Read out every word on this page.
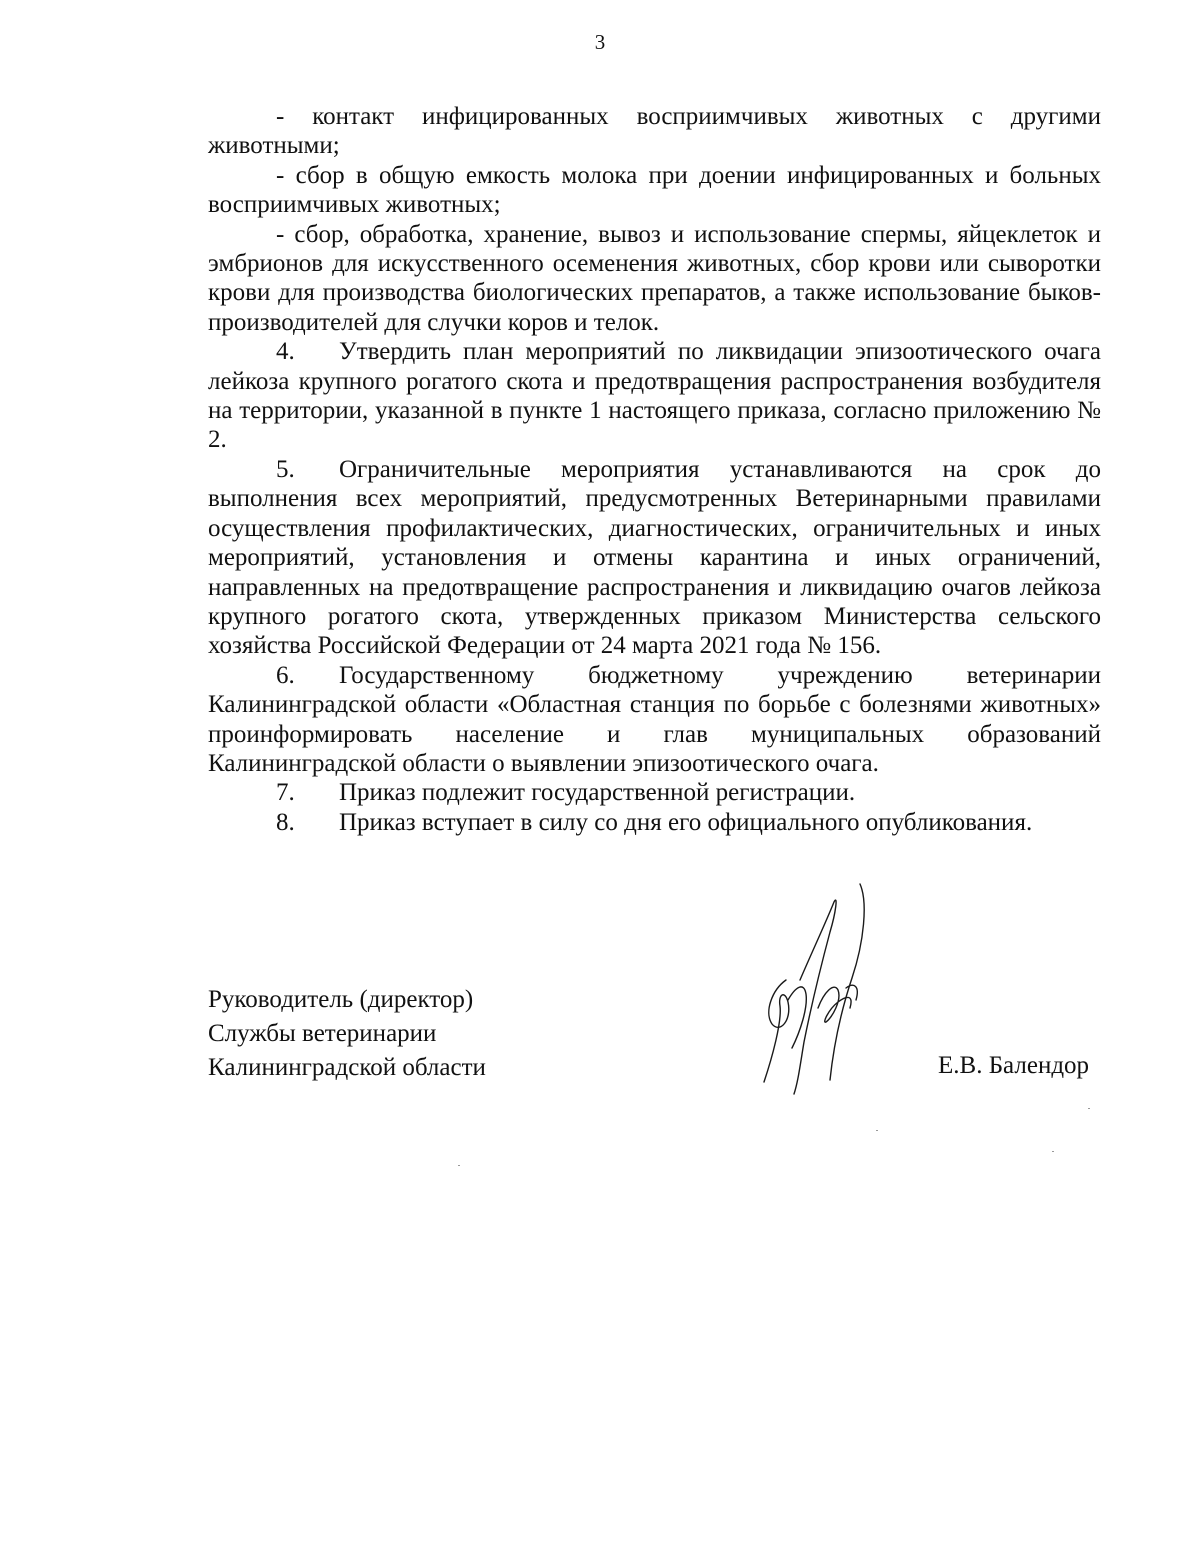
3

- контакт инфицированных восприимчивых животных с другими животными;

- сбор в общую емкость молока при доении инфицированных и больных восприимчивых животных;

- сбор, обработка, хранение, вывоз и использование спермы, яйцеклеток и эмбрионов для искусственного осеменения животных, сбор крови или сыворотки крови для производства биологических препаратов, а также использование быков-производителей для случки коров и телок.

4. Утвердить план мероприятий по ликвидации эпизоотического очага лейкоза крупного рогатого скота и предотвращения распространения возбудителя на территории, указанной в пункте 1 настоящего приказа, согласно приложению № 2.

5. Ограничительные мероприятия устанавливаются на срок до выполнения всех мероприятий, предусмотренных Ветеринарными правилами осуществления профилактических, диагностических, ограничительных и иных мероприятий, установления и отмены карантина и иных ограничений, направленных на предотвращение распространения и ликвидацию очагов лейкоза крупного рогатого скота, утвержденных приказом Министерства сельского хозяйства Российской Федерации от 24 марта 2021 года № 156.

6. Государственному бюджетному учреждению ветеринарии Калининградской области «Областная станция по борьбе с болезнями животных» проинформировать население и глав муниципальных образований Калининградской области о выявлении эпизоотического очага.

7. Приказ подлежит государственной регистрации.

8. Приказ вступает в силу со дня его официального опубликования.

Руководитель (директор)
Службы ветеринарии
Калининградской области	Е.В. Балендор
